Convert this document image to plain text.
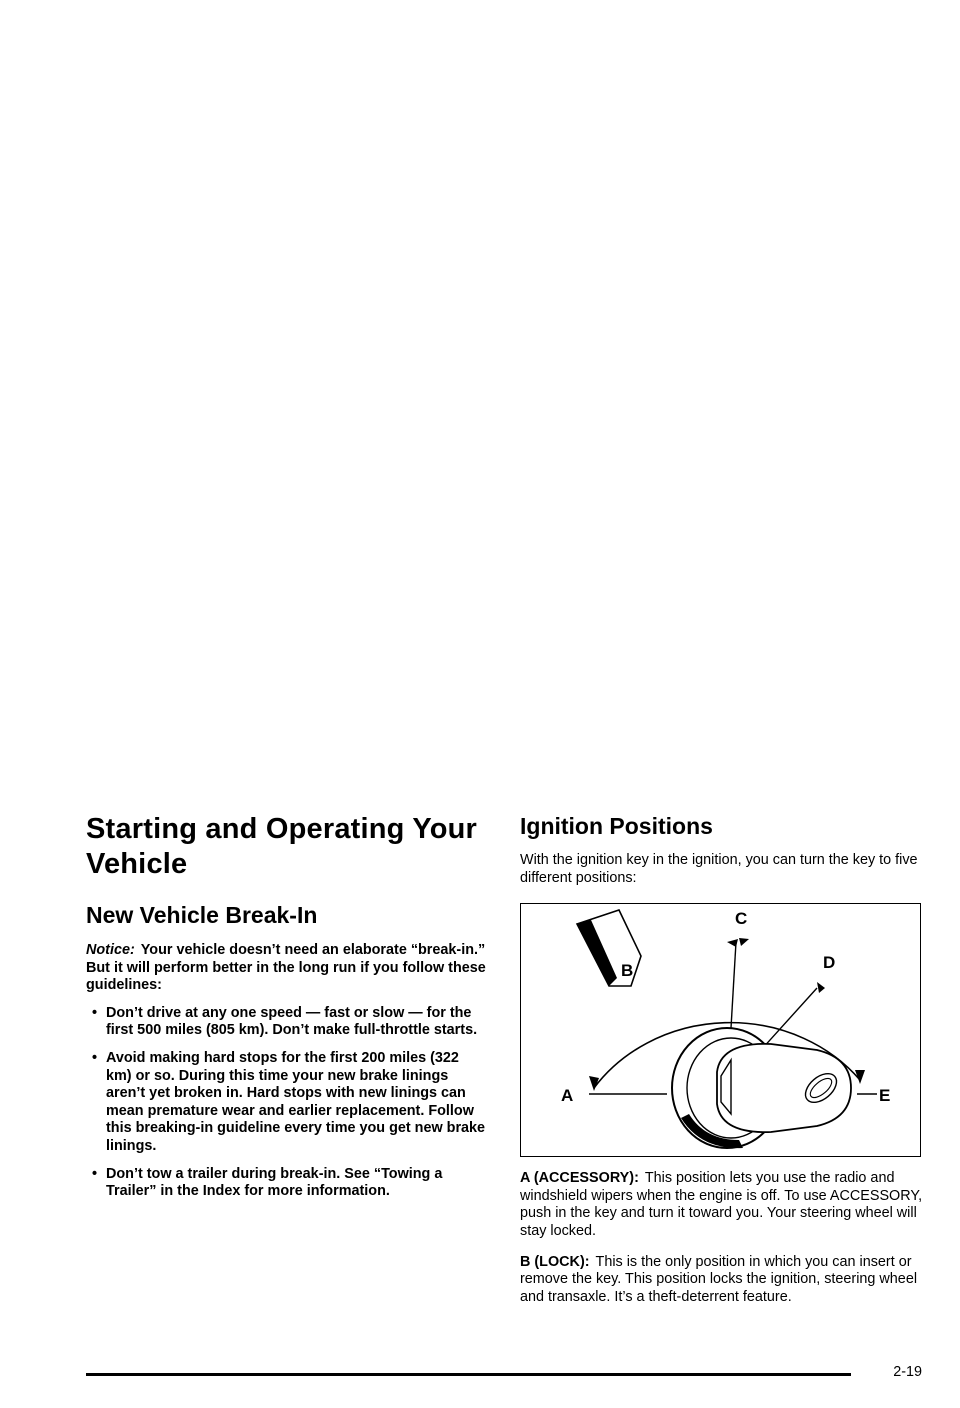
Starting and Operating Your Vehicle
New Vehicle Break-In

Notice: Your vehicle doesn’t need an elaborate “break-in.” But it will perform better in the long run if you follow these guidelines:

• Don’t drive at any one speed — fast or slow — for the first 500 miles (805 km). Don’t make full-throttle starts.
• Avoid making hard stops for the first 200 miles (322 km) or so. During this time your new brake linings aren’t yet broken in. Hard stops with new linings can mean premature wear and earlier replacement. Follow this breaking-in guideline every time you get new brake linings.
• Don’t tow a trailer during break-in. See “Towing a Trailer” in the Index for more information.
Ignition Positions

With the ignition key in the ignition, you can turn the key to five different positions:

A
B
C
D
E

A (ACCESSORY): This position lets you use the radio and windshield wipers when the engine is off. To use ACCESSORY, push in the key and turn it toward you. Your steering wheel will stay locked.

B (LOCK): This is the only position in which you can insert or remove the key. This position locks the ignition, steering wheel and transaxle. It’s a theft-deterrent feature.

2-19
